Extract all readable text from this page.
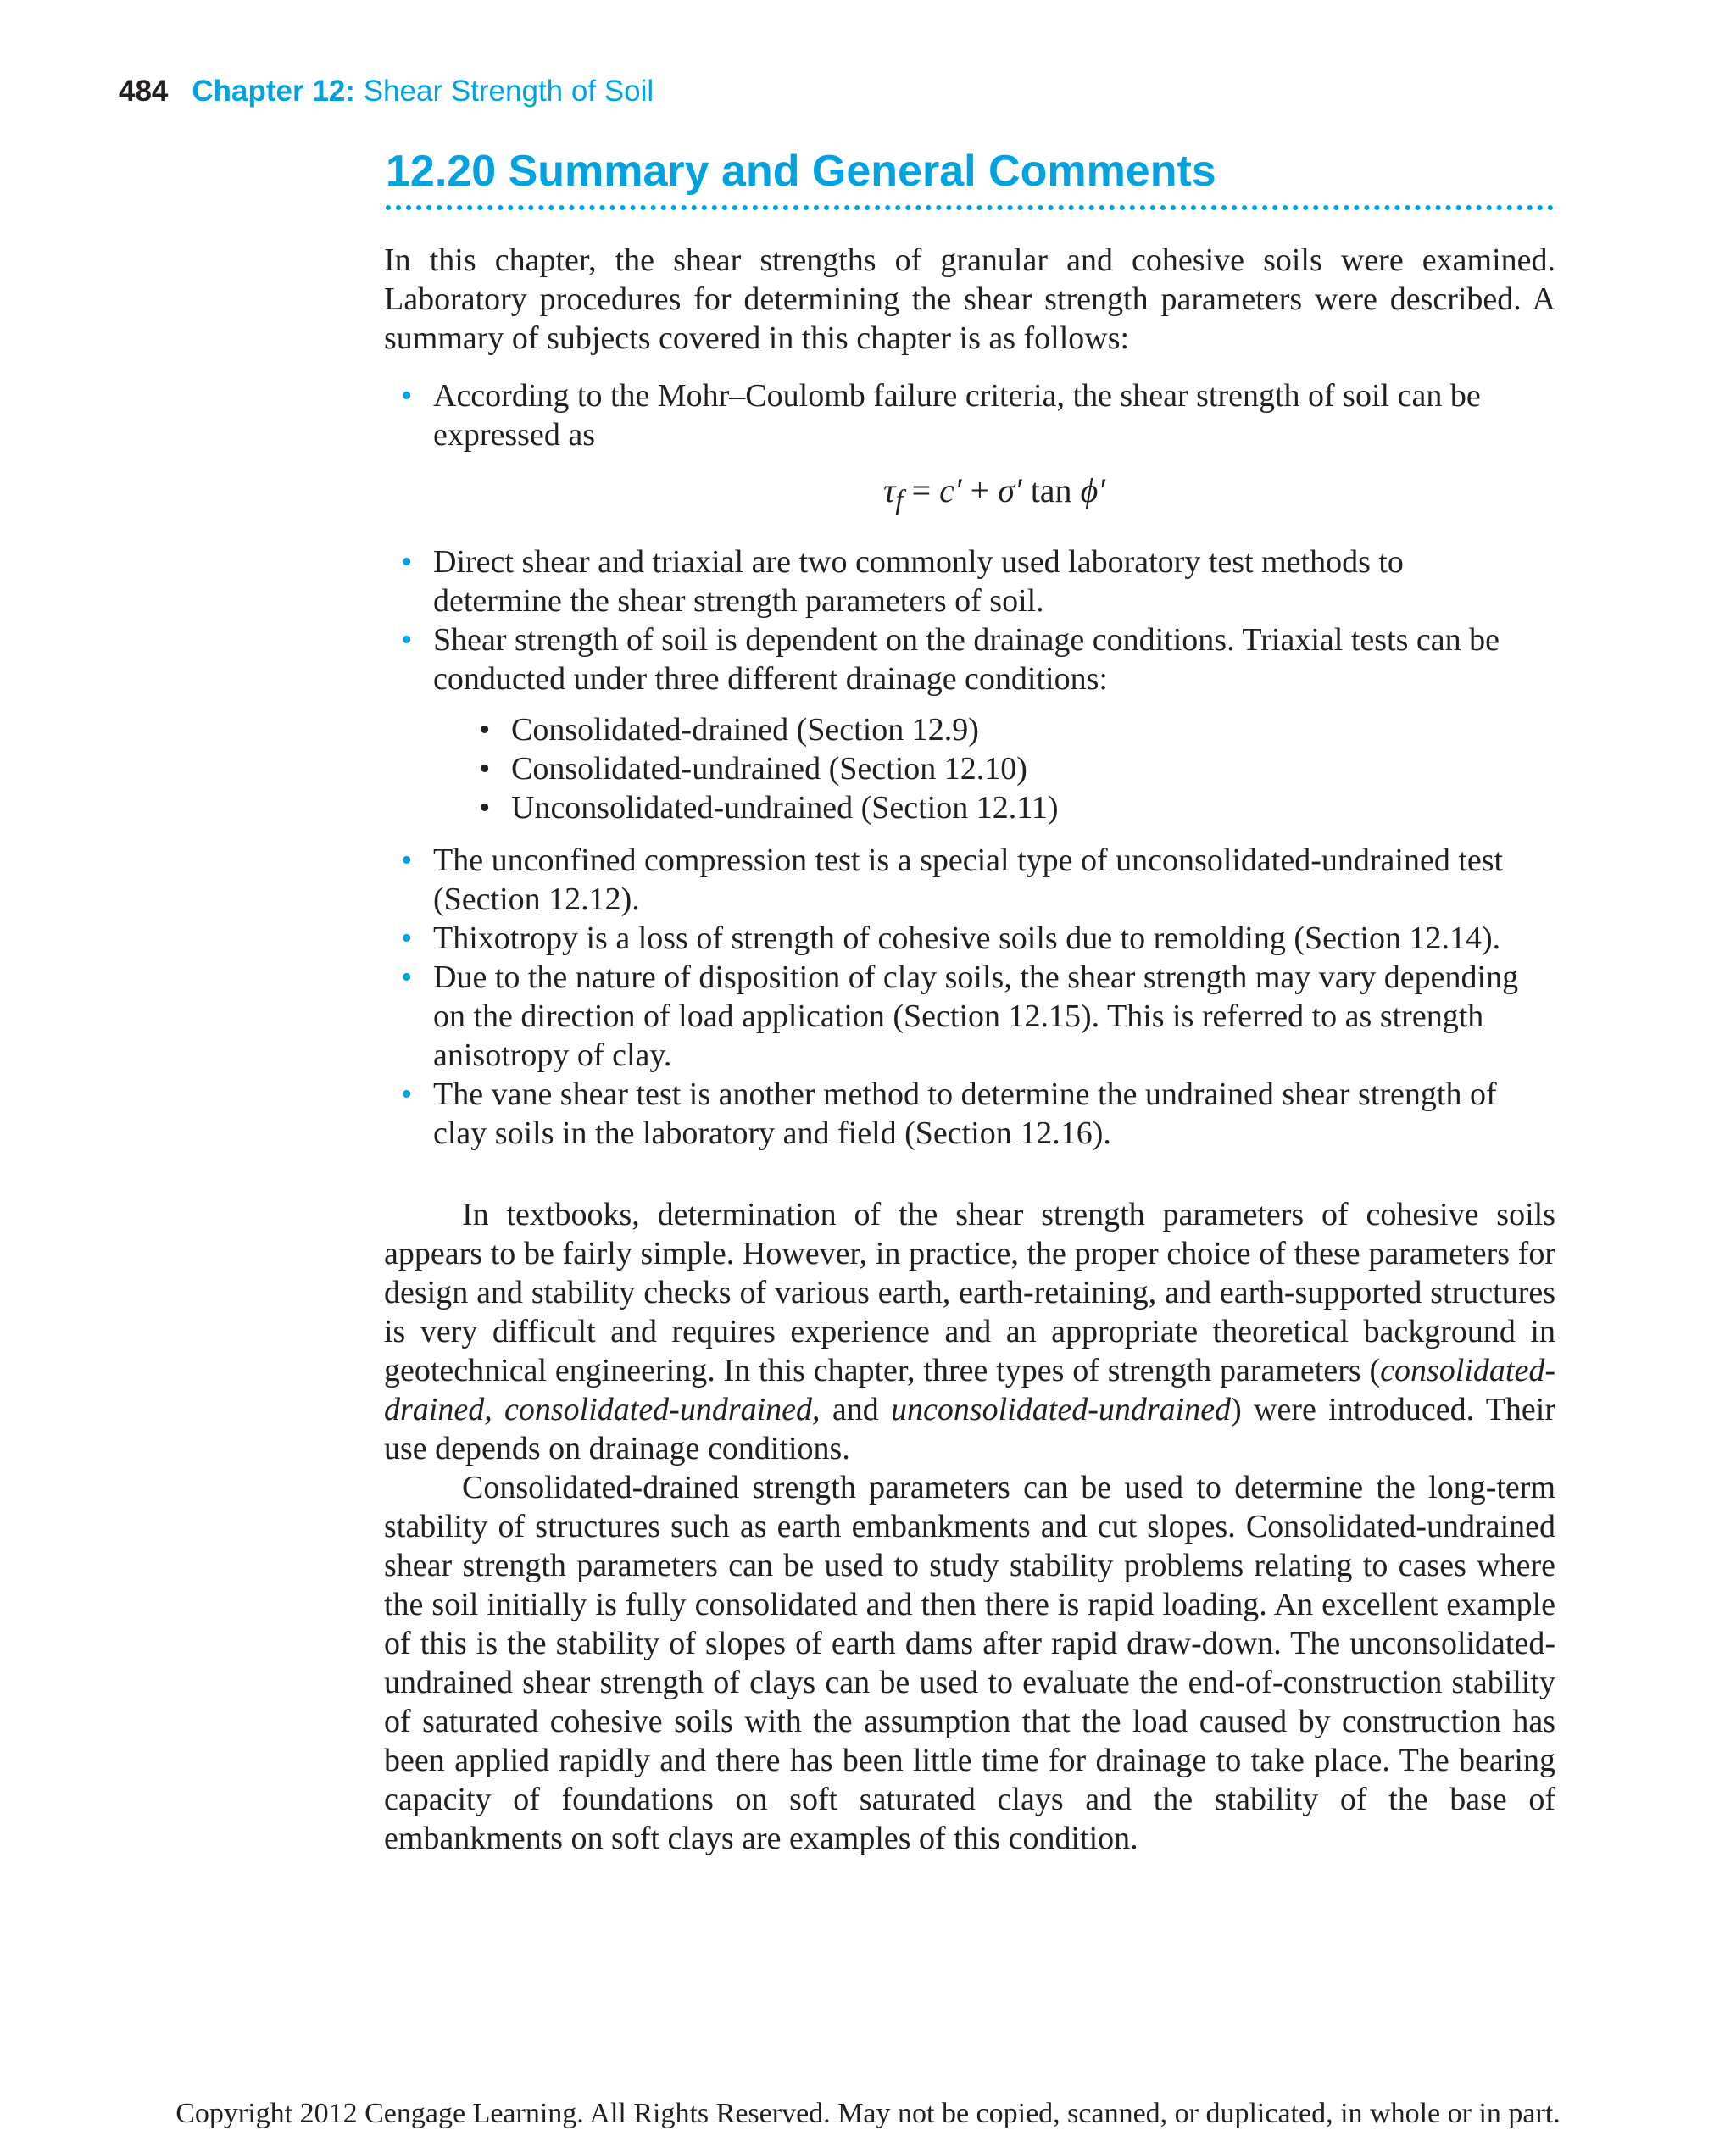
484 Chapter 12: Shear Strength of Soil
12.20 Summary and General Comments

In this chapter, the shear strengths of granular and cohesive soils were examined. Laboratory procedures for determining the shear strength parameters were described. A summary of subjects covered in this chapter is as follows:

• According to the Mohr–Coulomb failure criteria, the shear strength of soil can be expressed as
$\tau_f = c' + \sigma'$ tan ϕ′
• Direct shear and triaxial are two commonly used laboratory test methods to determine the shear strength parameters of soil.
• Shear strength of soil is dependent on the drainage conditions. Triaxial tests can be conducted under three different drainage conditions:
• Consolidated-drained (Section 12.9)
• Consolidated-undrained (Section 12.10)
• Unconsolidated-undrained (Section 12.11)
• The unconfined compression test is a special type of unconsolidated-undrained test (Section 12.12).
• Thixotropy is a loss of strength of cohesive soils due to remolding (Section 12.14).
• Due to the nature of disposition of clay soils, the shear strength may vary depending on the direction of load application (Section 12.15). This is referred to as strength anisotropy of clay.
• The vane shear test is another method to determine the undrained shear strength of clay soils in the laboratory and field (Section 12.16).

In textbooks, determination of the shear strength parameters of cohesive soils appears to be fairly simple. However, in practice, the proper choice of these parameters for design and stability checks of various earth, earth-retaining, and earth-supported structures is very difficult and requires experience and an appropriate theoretical background in geotechnical engineering. In this chapter, three types of strength parameters (consolidated-drained, consolidated-undrained, and unconsolidated-undrained) were introduced. Their use depends on drainage conditions.

Consolidated-drained strength parameters can be used to determine the long-term stability of structures such as earth embankments and cut slopes. Consolidated-undrained shear strength parameters can be used to study stability problems relating to cases where the soil initially is fully consolidated and then there is rapid loading. An excellent example of this is the stability of slopes of earth dams after rapid draw-down. The unconsolidated-undrained shear strength of clays can be used to evaluate the end-of-construction stability of saturated cohesive soils with the assumption that the load caused by construction has been applied rapidly and there has been little time for drainage to take place. The bearing capacity of foundations on soft saturated clays and the stability of the base of embankments on soft clays are examples of this condition.

Copyright 2012 Cengage Learning. All Rights Reserved. May not be copied, scanned, or duplicated, in whole or in part.
